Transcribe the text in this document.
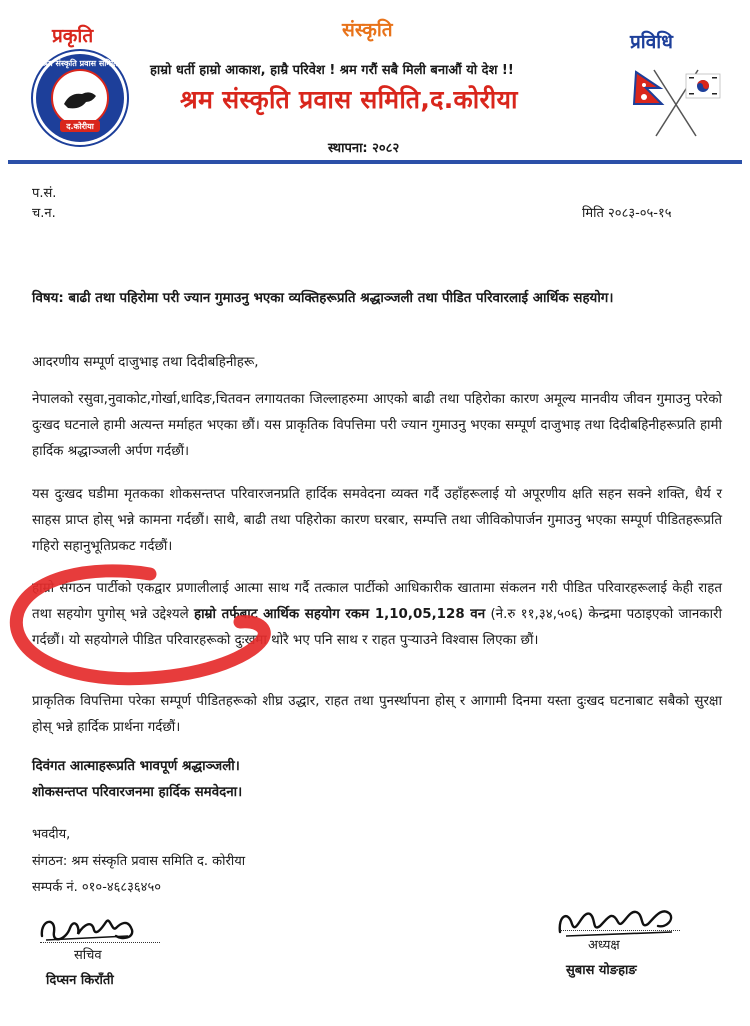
प्रकृति	संस्कृति
प्रविधि
श्रम संस्कृति प्रवास समिति
द.कोरीया
हाम्रो धर्ती हाम्रो आकाश, हाम्रै परिवेश ! श्रम गरौं सबै मिली बनाऔं यो देश !!
श्रम संस्कृति प्रवास समिति,द.कोरीया
स्थापना: २०८२
प.सं.
च.न.	मिति २०८३-०५-१५
विषय: बाढी तथा पहिरोमा परी ज्यान गुमाउनु भएका व्यक्तिहरूप्रति श्रद्धाञ्जली तथा पीडित परिवारलाई आर्थिक सहयोग।
आदरणीय सम्पूर्ण दाजुभाइ तथा दिदीबहिनीहरू,
नेपालको रसुवा,नुवाकोट,गोर्खा,धादिङ,चितवन लगायतका जिल्लाहरुमा आएको बाढी तथा पहिरोका कारण अमूल्य मानवीय जीवन गुमाउनु परेको दुःखद घटनाले हामी अत्यन्त मर्माहत भएका छौं। यस प्राकृतिक विपत्तिमा परी ज्यान गुमाउनु भएका सम्पूर्ण दाजुभाइ तथा दिदीबहिनीहरूप्रति हामी हार्दिक श्रद्धाञ्जली अर्पण गर्दछौं।
यस दुःखद घडीमा मृतकका शोकसन्तप्त परिवारजनप्रति हार्दिक समवेदना व्यक्त गर्दै उहाँहरूलाई यो अपूरणीय क्षति सहन सक्ने शक्ति, धैर्य र साहस प्राप्त होस् भन्ने कामना गर्दछौं। साथै, बाढी तथा पहिरोका कारण घरबार, सम्पत्ति तथा जीविकोपार्जन गुमाउनु भएका सम्पूर्ण पीडितहरूप्रति गहिरो सहानुभूतिप्रकट गर्दछौं।
हाम्रो संगठन पार्टीको एकद्वार प्रणालीलाई आत्मा साथ गर्दै तत्काल पार्टीको आधिकारीक खातामा संकलन गरी पीडित परिवारहरूलाई केही राहत तथा सहयोग पुगोस् भन्ने उद्देश्यले हाम्रो तर्फबाट आर्थिक सहयोग रकम 1,10,05,128 वन (ने.रु ११,३४,५०६) केन्द्रमा पठाइएको जानकारी गर्दछौं। यो सहयोगले पीडित परिवारहरूको दुःखमा थोरै भए पनि साथ र राहत पुर्‍याउने विश्वास लिएका छौं।
प्राकृतिक विपत्तिमा परेका सम्पूर्ण पीडितहरूको शीघ्र उद्धार, राहत तथा पुनर्स्थापना होस् र आगामी दिनमा यस्ता दुःखद घटनाबाट सबैको सुरक्षा होस् भन्ने हार्दिक प्रार्थना गर्दछौं।
दिवंगत आत्माहरूप्रति भावपूर्ण श्रद्धाञ्जली।
शोकसन्तप्त परिवारजनमा हार्दिक समवेदना।
भवदीय,
संगठन: श्रम संस्कृति प्रवास समिति द. कोरीया
सम्पर्क नं. ०१०-४६८३६४५०
सचिव
दिप्सन किराँती
अध्यक्ष
सुबास योङहाङ
